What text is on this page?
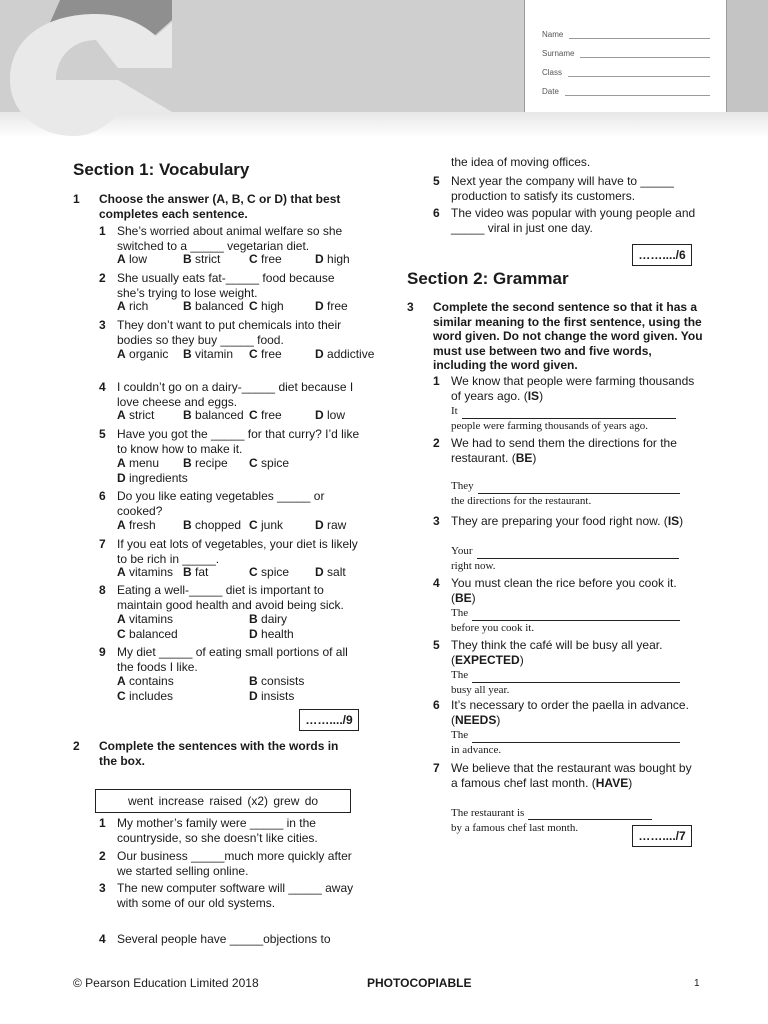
Name
Surname
Class
Date
Section 1: Vocabulary
1 Choose the answer (A, B, C or D) that best completes each sentence.
1 She’s worried about animal welfare so she switched to a _____ vegetarian diet.
A low	B strict C free	D high
2 She usually eats fat-_____ food because she’s trying to lose weight.
A rich	B balanced C high	D free
3 They don’t want to put chemicals into their bodies so they buy _____ food.
A organic B vitamin C free	D addictive
4 I couldn’t go on a dairy-_____ diet because I love cheese and eggs.
A strict B balanced C free	D low
5 Have you got the _____ for that curry? I’d like to know how to make it.
A menu B recipe C spice
D ingredients
6 Do you like eating vegetables _____ or cooked?
A fresh B chopped C junk	D raw
7 If you eat lots of vegetables, your diet is likely to be rich in _____.
A vitamins B fat	C spice D salt
8 Eating a well-_____ diet is important to maintain good health and avoid being sick.
A vitamins	B dairy
C balanced	D health
9 My diet _____ of eating small portions of all the foods I like.
A contains	B consists
C includes	D insists
……..../9
2 Complete the sentences with the words in the box.
went increase raised (x2) grew do
1 My mother’s family were _____ in the countryside, so she doesn’t like cities.
2 Our business _____much more quickly after we started selling online.
3 The new computer software will _____ away with some of our old systems.
4 Several people have _____objections to
the idea of moving offices.
5 Next year the company will have to _____ production to satisfy its customers.
6 The video was popular with young people and _____ viral in just one day.
……..../6
Section 2: Grammar
3 Complete the second sentence so that it has a similar meaning to the first sentence, using the word given. Do not change the word given. You must use between two and five words, including the word given.
1 We know that people were farming thousands of years ago. (IS)
It
people were farming thousands of years ago.
2 We had to send them the directions for the restaurant. (BE)
They
the directions for the restaurant.
3 They are preparing your food right now. (IS)
Your
right now.
4 You must clean the rice before you cook it. (BE)
The
before you cook it.
5 They think the café will be busy all year. (EXPECTED)
The
busy all year.
6 It’s necessary to order the paella in advance. (NEEDS)
The
in advance.
7 We believe that the restaurant was bought by a famous chef last month. (HAVE)
The restaurant is
by a famous chef last month.
……..../7
© Pearson Education Limited 2018	PHOTOCOPIABLE	1
